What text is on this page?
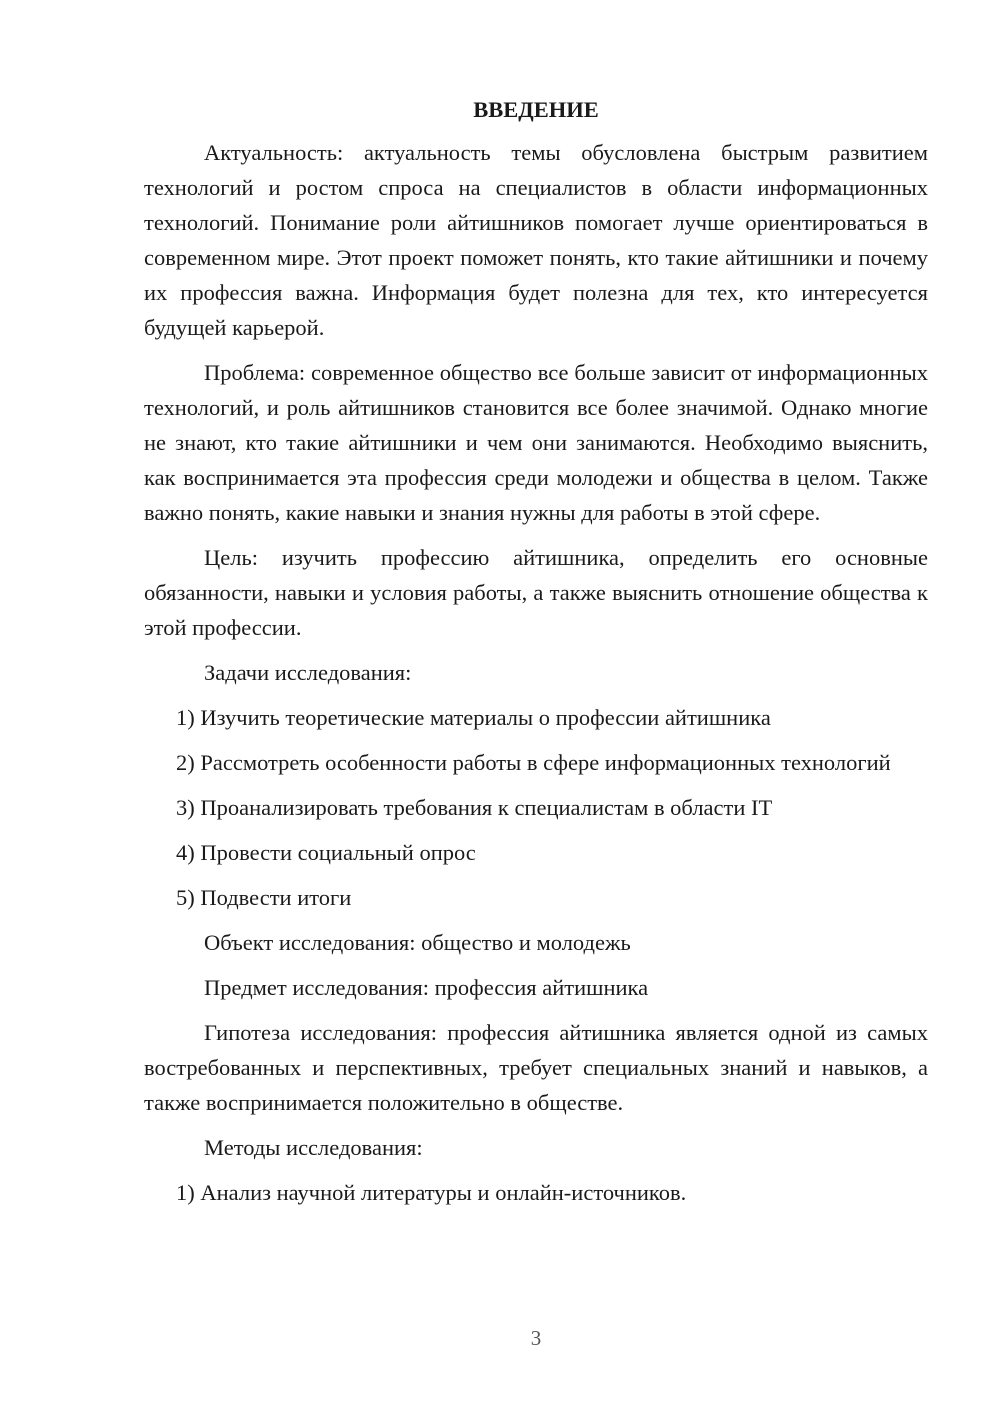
ВВЕДЕНИЕ

Актуальность: актуальность темы обусловлена быстрым развитием технологий и ростом спроса на специалистов в области информационных технологий. Понимание роли айтишников помогает лучше ориентироваться в современном мире. Этот проект поможет понять, кто такие айтишники и почему их профессия важна. Информация будет полезна для тех, кто интересуется будущей карьерой.

Проблема: современное общество все больше зависит от информационных технологий, и роль айтишников становится все более значимой. Однако многие не знают, кто такие айтишники и чем они занимаются. Необходимо выяснить, как воспринимается эта профессия среди молодежи и общества в целом. Также важно понять, какие навыки и знания нужны для работы в этой сфере.

Цель: изучить профессию айтишника, определить его основные обязанности, навыки и условия работы, а также выяснить отношение общества к этой профессии.

Задачи исследования:

1) Изучить теоретические материалы о профессии айтишника

2) Рассмотреть особенности работы в сфере информационных технологий

3) Проанализировать требования к специалистам в области IT

4) Провести социальный опрос

5) Подвести итоги

Объект исследования: общество и молодежь

Предмет исследования: профессия айтишника

Гипотеза исследования: профессия айтишника является одной из самых востребованных и перспективных, требует специальных знаний и навыков, а также воспринимается положительно в обществе.

Методы исследования:

1) Анализ научной литературы и онлайн-источников.

3
